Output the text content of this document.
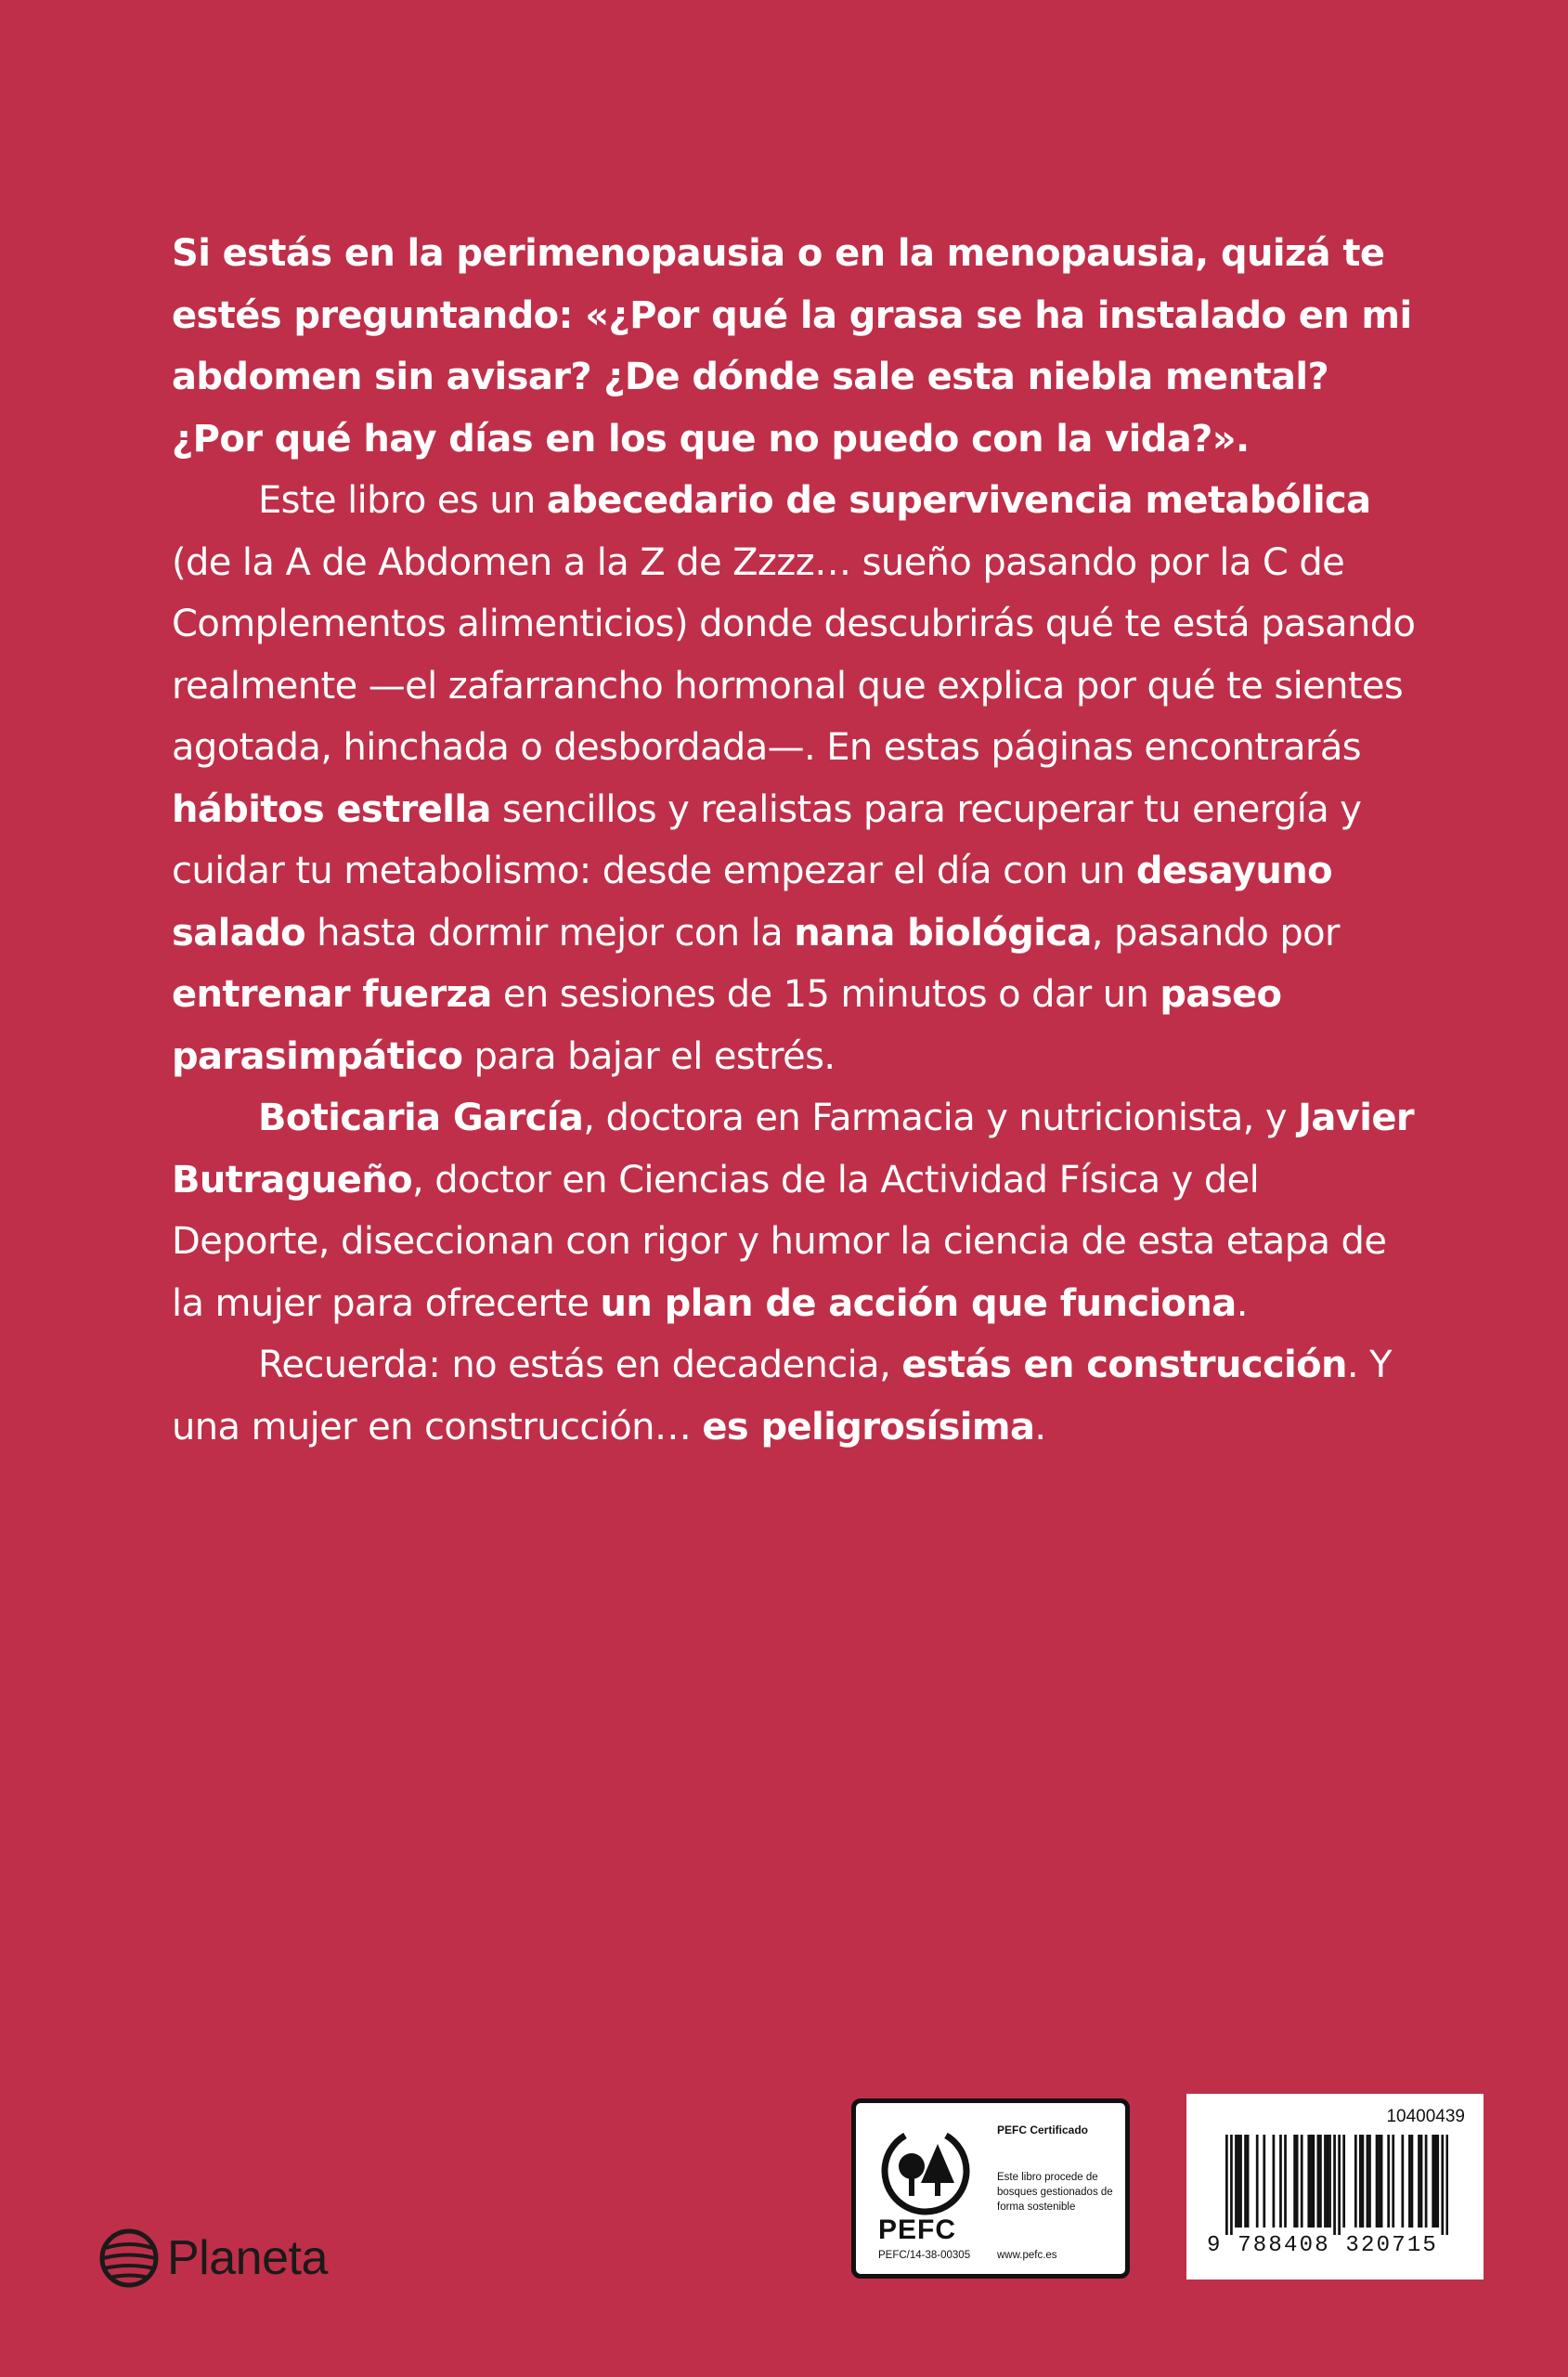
Si estás en la perimenopausia o en la menopausia, quizá te estés preguntando: «¿Por qué la grasa se ha instalado en mi abdomen sin avisar? ¿De dónde sale esta niebla mental? ¿Por qué hay días en los que no puedo con la vida?».

Este libro es un abecedario de supervivencia metabólica (de la A de Abdomen a la Z de Zzzz… sueño pasando por la C de Complementos alimenticios) donde descubrirás qué te está pasando realmente —el zafarrancho hormonal que explica por qué te sientes agotada, hinchada o desbordada—. En estas páginas encontrarás hábitos estrella sencillos y realistas para recuperar tu energía y cuidar tu metabolismo: desde empezar el día con un desayuno salado hasta dormir mejor con la nana biológica, pasando por entrenar fuerza en sesiones de 15 minutos o dar un paseo parasimpático para bajar el estrés.

Boticaria García, doctora en Farmacia y nutricionista, y Javier Butragueño, doctor en Ciencias de la Actividad Física y del Deporte, diseccionan con rigor y humor la ciencia de esta etapa de la mujer para ofrecerte un plan de acción que funciona.

Recuerda: no estás en decadencia, estás en construcción. Y una mujer en construcción… es peligrosísima.

Planeta
PEFC
PEFC Certificado
Este libro procede de bosques gestionados de forma sostenible
PEFC/14-38-00305	www.pefc.es
10400439
9 788408 320715
